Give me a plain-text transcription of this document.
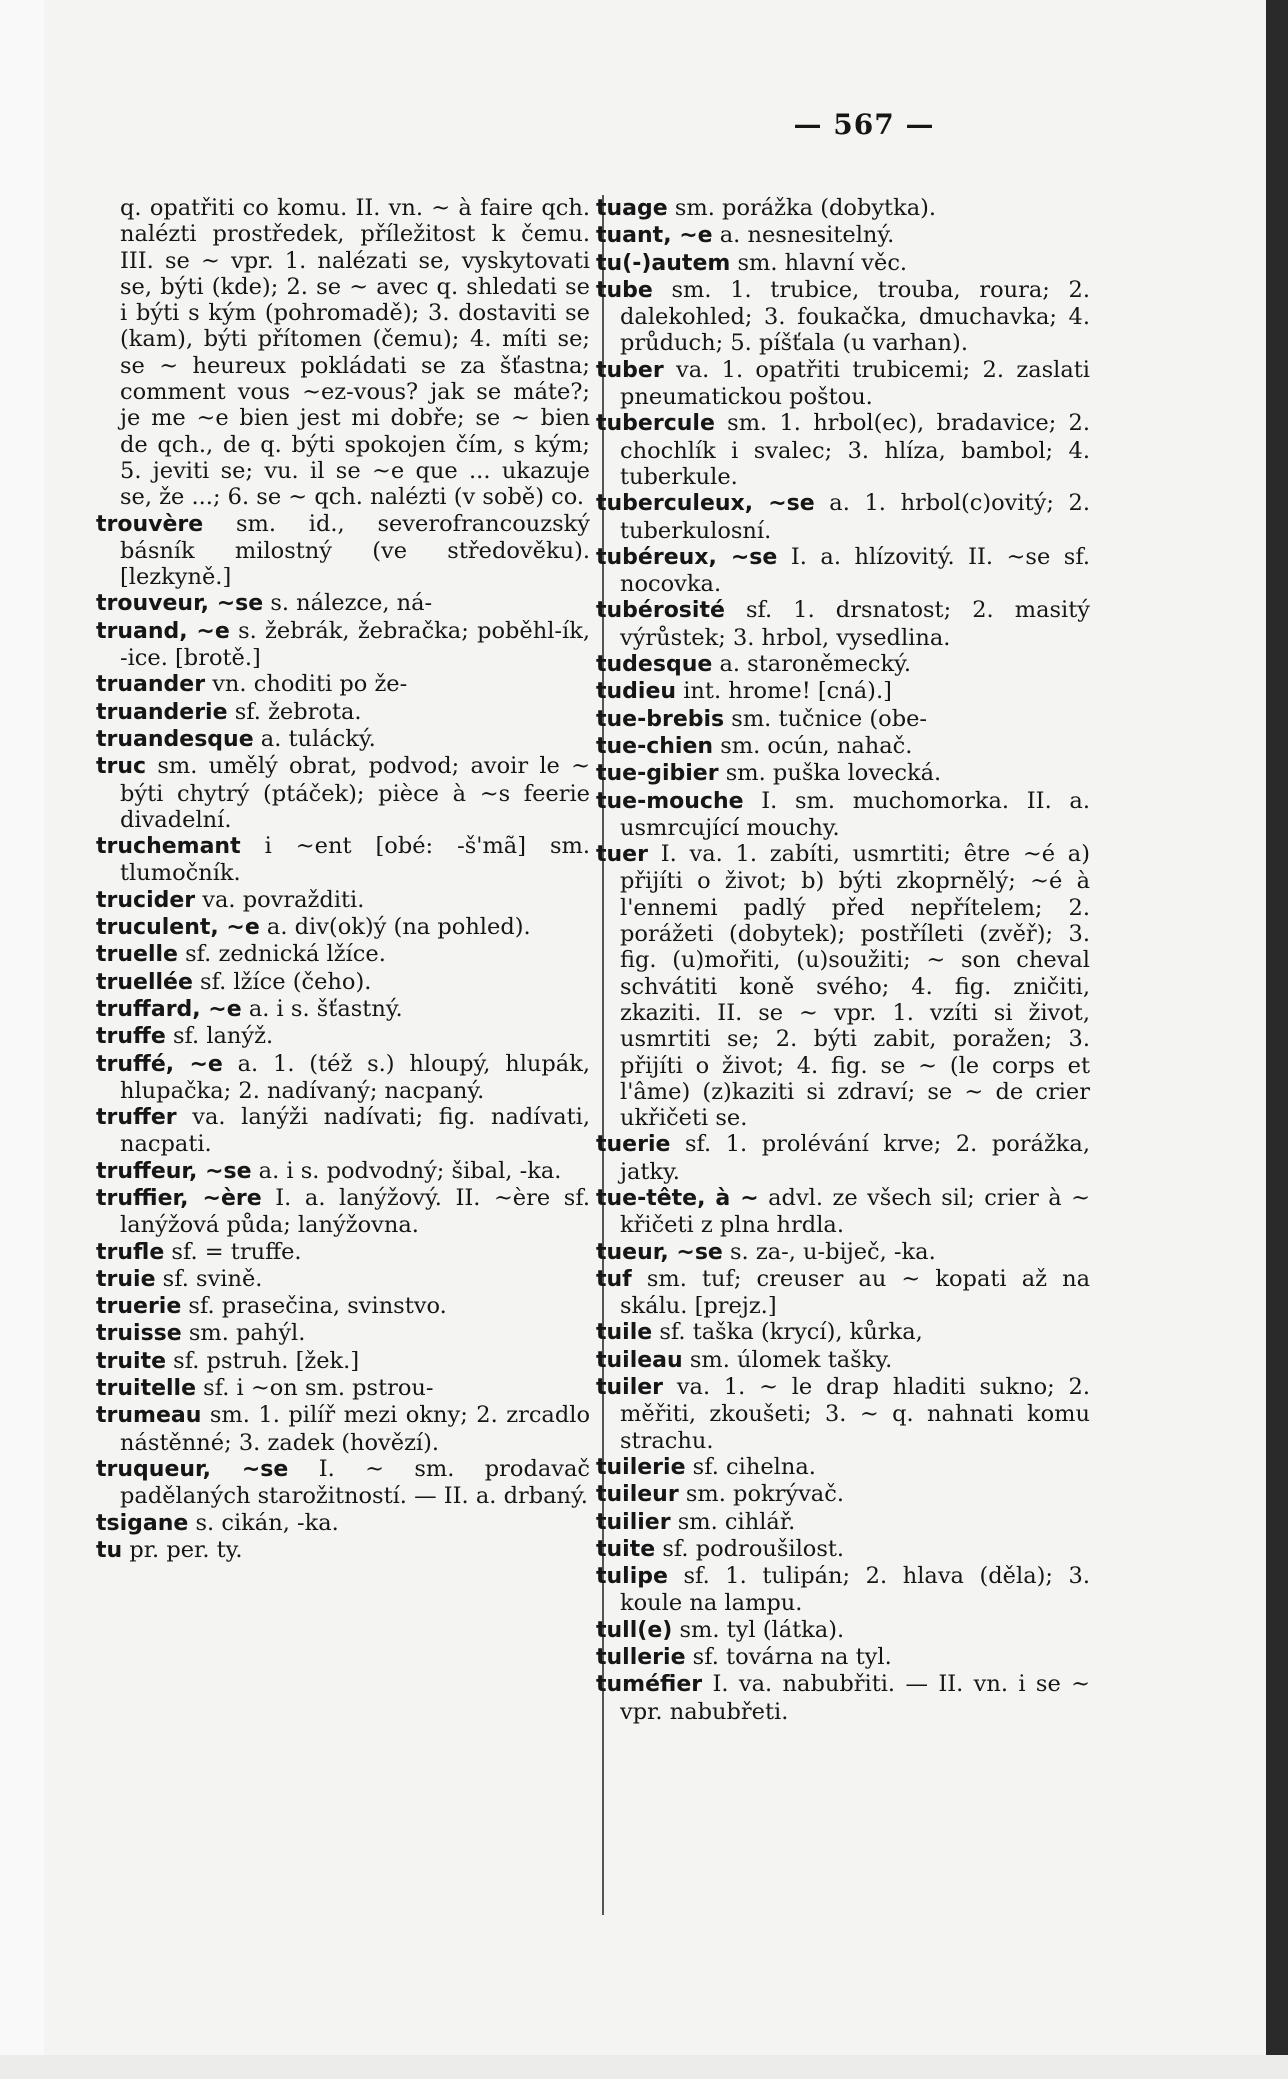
— 567 —

q. opatřiti co komu. II. vn. ~ à faire qch. nalézti prostředek, příležitost k čemu. III. se ~ vpr. 1. nalézati se, vyskytovati se, býti (kde); 2. se ~ avec q. shledati se i býti s kým (pohromadě); 3. dostaviti se (kam), býti přítomen (čemu); 4. míti se; se ~ heureux pokládati se za šťastna; comment vous ~ez-vous? jak se máte?; je me ~e bien jest mi dobře; se ~ bien de qch., de q. býti spokojen čím, s kým; 5. jeviti se; vu. il se ~e que ... ukazuje se, že ...; 6. se ~ qch. nalézti (v sobě) co.

trouvère sm. id., severofrancouzský básník milostný (ve středověku). [lezkyně.]

trouveur, ~se s. nálezce, ná-

truand, ~e s. žebrák, žebračka; poběhl-ík, -ice. [brotě.]

truander vn. choditi po že-

truanderie sf. žebrota.

truandesque a. tulácký.

truc sm. umělý obrat, podvod; avoir le ~ býti chytrý (ptáček); pièce à ~s feerie divadelní.

truchemant i ~ent [obé: -š'mã] sm. tlumočník.

trucider va. povražditi.

truculent, ~e a. div(ok)ý (na pohled).

truelle sf. zednická lžíce.

truellée sf. lžíce (čeho).

truffard, ~e a. i s. šťastný.

truffe sf. lanýž.

truffé, ~e a. 1. (též s.) hloupý, hlupák, hlupačka; 2. nadívaný; nacpaný.

truffer va. lanýži nadívati; fig. nadívati, nacpati.

truffeur, ~se a. i s. podvodný; šibal, -ka.

truffier, ~ère I. a. lanýžový. II. ~ère sf. lanýžová půda; lanýžovna.

trufle sf. = truffe.

truie sf. svině.

truerie sf. prasečina, svinstvo.

truisse sm. pahýl.

truite sf. pstruh. [žek.]

truitelle sf. i ~on sm. pstrou-

trumeau sm. 1. pilíř mezi okny; 2. zrcadlo nástěnné; 3. zadek (hovězí).

truqueur, ~se I. ~ sm. prodavač padělaných starožitností. — II. a. drbaný.

tsigane s. cikán, -ka.

tu pr. per. ty.

tuage sm. porážka (dobytka).

tuant, ~e a. nesnesitelný.

tu(-)autem sm. hlavní věc.

tube sm. 1. trubice, trouba, roura; 2. dalekohled; 3. foukačka, dmuchavka; 4. průduch; 5. píšťala (u varhan).

tuber va. 1. opatřiti trubicemi; 2. zaslati pneumatickou poštou.

tubercule sm. 1. hrbol(ec), bradavice; 2. chochlík i svalec; 3. hlíza, bambol; 4. tuberkule.

tuberculeux, ~se a. 1. hrbol(c)ovitý; 2. tuberkulosní.

tubéreux, ~se I. a. hlízovitý. II. ~se sf. nocovka.

tubérosité sf. 1. drsnatost; 2. masitý výrůstek; 3. hrbol, vysedlina.

tudesque a. staroněmecký.

tudieu int. hrome! [cná).]

tue-brebis sm. tučnice (obe-

tue-chien sm. ocún, nahač.

tue-gibier sm. puška lovecká.

tue-mouche I. sm. muchomorka. II. a. usmrcující mouchy.

tuer I. va. 1. zabíti, usmrtiti; être ~é a) přijíti o život; b) býti zkoprnělý; ~é à l'ennemi padlý před nepřítelem; 2. porážeti (dobytek); postříleti (zvěř); 3. fig. (u)mořiti, (u)soužiti; ~ son cheval schvátiti koně svého; 4. fig. zničiti, zkaziti. II. se ~ vpr. 1. vzíti si život, usmrtiti se; 2. býti zabit, poražen; 3. přijíti o život; 4. fig. se ~ (le corps et l'âme) (z)kaziti si zdraví; se ~ de crier ukřičeti se.

tuerie sf. 1. prolévání krve; 2. porážka, jatky.

tue-tête, à ~ advl. ze všech sil; crier à ~ křičeti z plna hrdla.

tueur, ~se s. za-, u-biječ, -ka.

tuf sm. tuf; creuser au ~ kopati až na skálu. [prejz.]

tuile sf. taška (krycí), kůrka,

tuileau sm. úlomek tašky.

tuiler va. 1. ~ le drap hladiti sukno; 2. měřiti, zkoušeti; 3. ~ q. nahnati komu strachu.

tuilerie sf. cihelna.

tuileur sm. pokrývač.

tuilier sm. cihlář.

tuite sf. podroušilost.

tulipe sf. 1. tulipán; 2. hlava (děla); 3. koule na lampu.

tull(e) sm. tyl (látka).

tullerie sf. továrna na tyl.

tuméfier I. va. nabubřiti. — II. vn. i se ~ vpr. nabubřeti.
